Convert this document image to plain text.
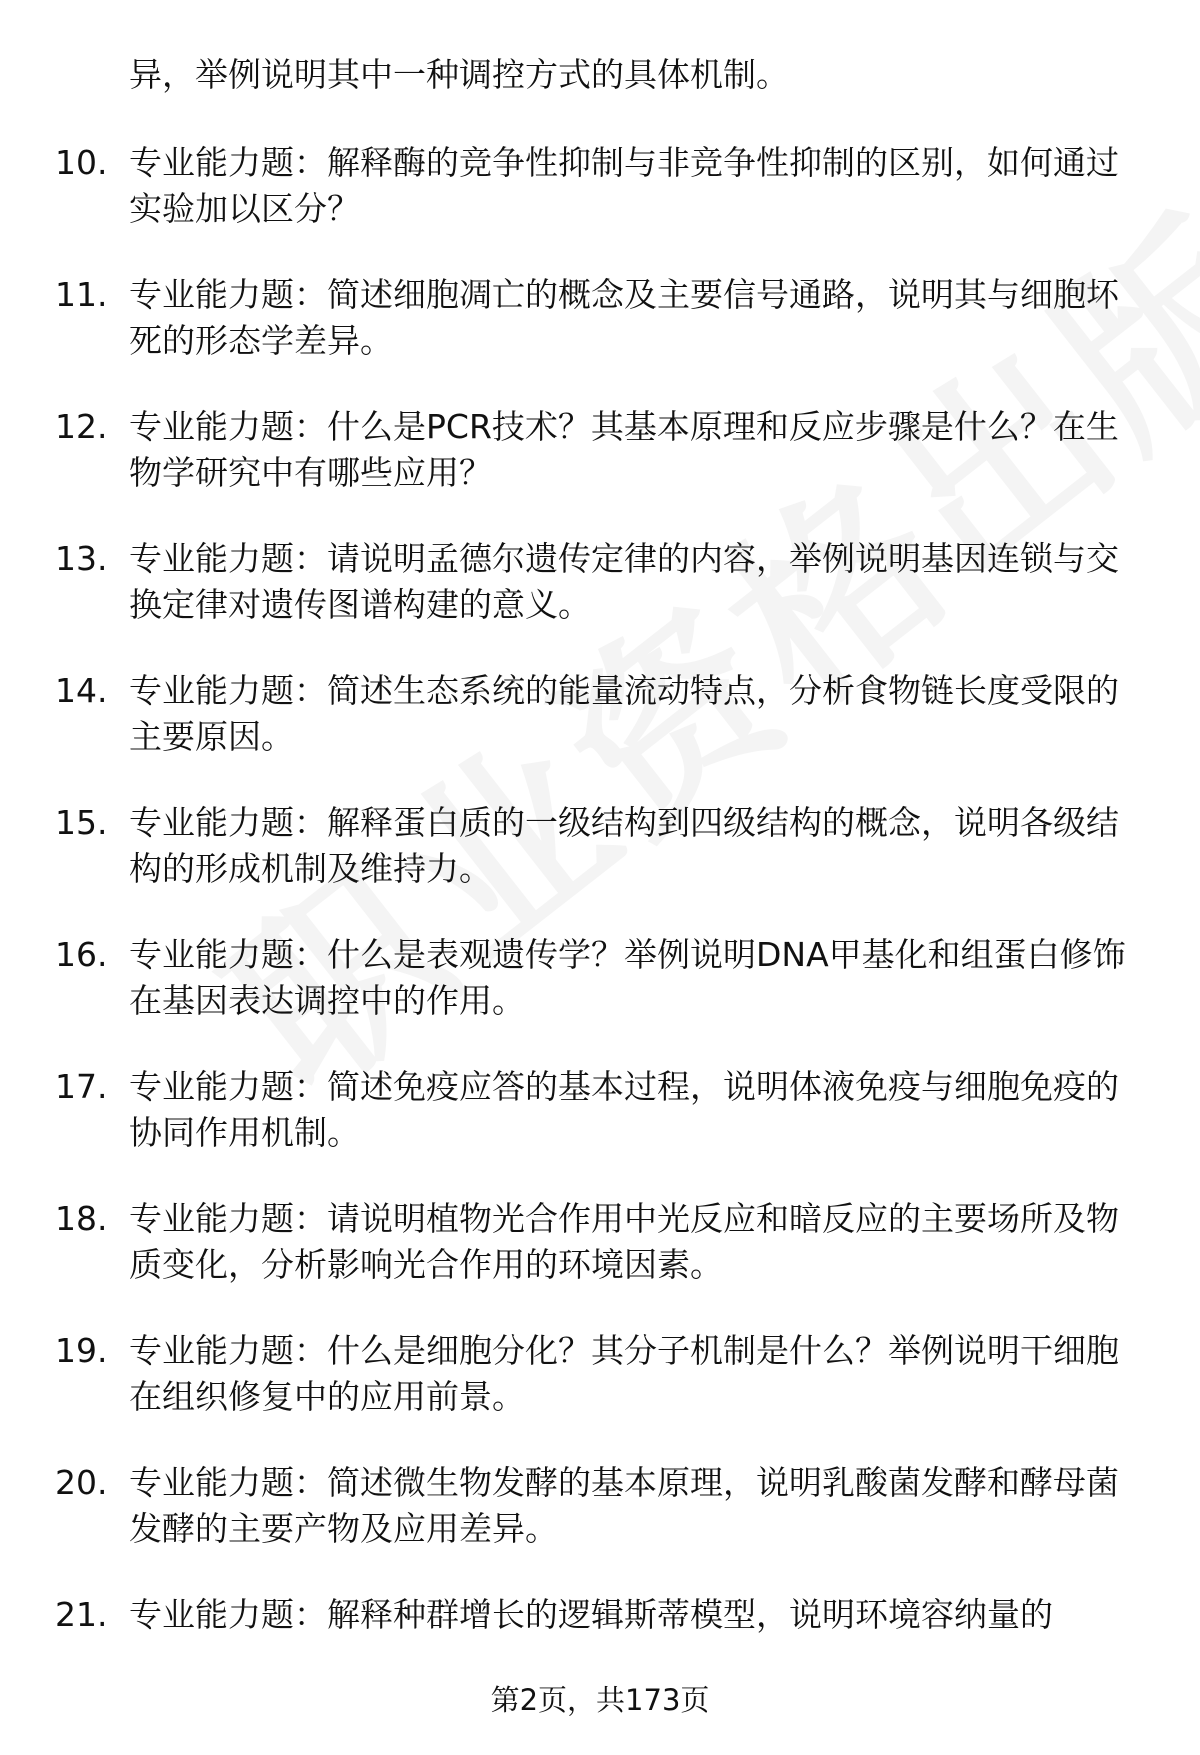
异，举例说明其中一种调控方式的具体机制。
10. 专业能力题：解释酶的竞争性抑制与非竞争性抑制的区别，如何通过实验加以区分？
11. 专业能力题：简述细胞凋亡的概念及主要信号通路，说明其与细胞坏死的形态学差异。
12. 专业能力题：什么是PCR技术？其基本原理和反应步骤是什么？在生物学研究中有哪些应用？
13. 专业能力题：请说明孟德尔遗传定律的内容，举例说明基因连锁与交换定律对遗传图谱构建的意义。
14. 专业能力题：简述生态系统的能量流动特点，分析食物链长度受限的主要原因。
15. 专业能力题：解释蛋白质的一级结构到四级结构的概念，说明各级结构的形成机制及维持力。
16. 专业能力题：什么是表观遗传学？举例说明DNA甲基化和组蛋白修饰在基因表达调控中的作用。
17. 专业能力题：简述免疫应答的基本过程，说明体液免疫与细胞免疫的协同作用机制。
18. 专业能力题：请说明植物光合作用中光反应和暗反应的主要场所及物质变化，分析影响光合作用的环境因素。
19. 专业能力题：什么是细胞分化？其分子机制是什么？举例说明干细胞在组织修复中的应用前景。
20. 专业能力题：简述微生物发酵的基本原理，说明乳酸菌发酵和酵母菌发酵的主要产物及应用差异。
21. 专业能力题：解释种群增长的逻辑斯蒂模型，说明环境容纳量的
第2页，共173页
